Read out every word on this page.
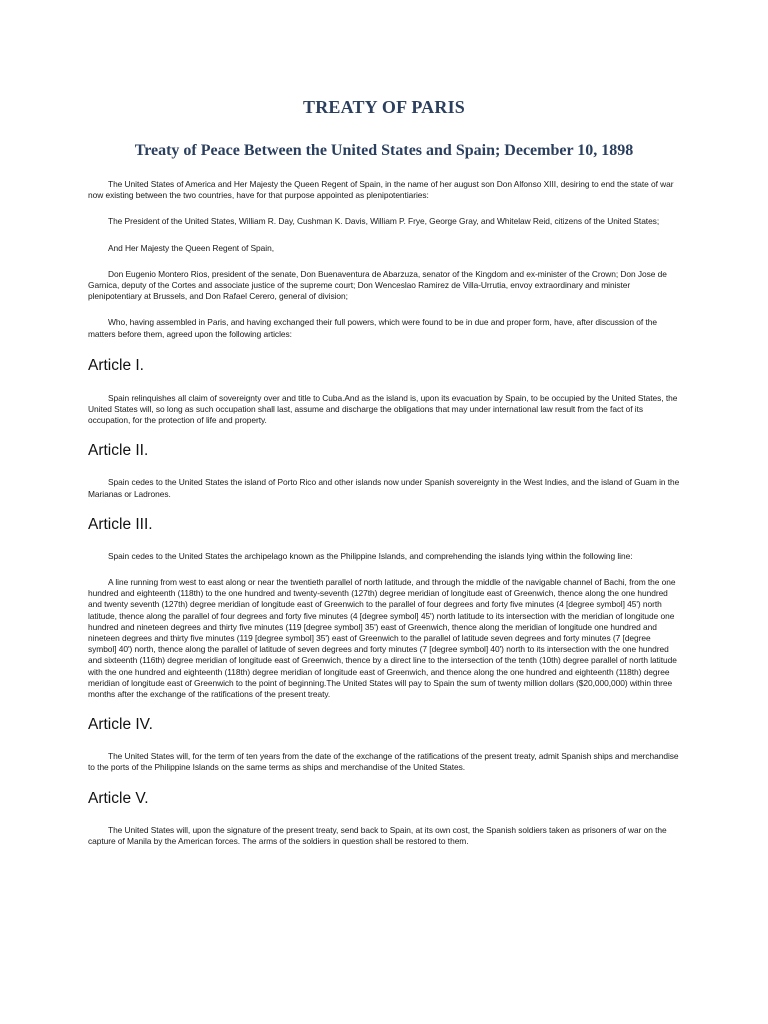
TREATY OF PARIS
Treaty of Peace Between the United States and Spain; December 10, 1898

The United States of America and Her Majesty the Queen Regent of Spain, in the name of her august son Don Alfonso XIII, desiring to end the state of war now existing between the two countries, have for that purpose appointed as plenipotentiaries:

The President of the United States, William R. Day, Cushman K. Davis, William P. Frye, George Gray, and Whitelaw Reid, citizens of the United States;

And Her Majesty the Queen Regent of Spain,

Don Eugenio Montero Rios, president of the senate, Don Buenaventura de Abarzuza, senator of the Kingdom and ex-minister of the Crown; Don Jose de Garnica, deputy of the Cortes and associate justice of the supreme court; Don Wenceslao Ramirez de Villa-Urrutia, envoy extraordinary and minister plenipotentiary at Brussels, and Don Rafael Cerero, general of division;

Who, having assembled in Paris, and having exchanged their full powers, which were found to be in due and proper form, have, after discussion of the matters before them, agreed upon the following articles:

Article I.

Spain relinquishes all claim of sovereignty over and title to Cuba.And as the island is, upon its evacuation by Spain, to be occupied by the United States, the United States will, so long as such occupation shall last, assume and discharge the obligations that may under international law result from the fact of its occupation, for the protection of life and property.

Article II.

Spain cedes to the United States the island of Porto Rico and other islands now under Spanish sovereignty in the West Indies, and the island of Guam in the Marianas or Ladrones.

Article III.

Spain cedes to the United States the archipelago known as the Philippine Islands, and comprehending the islands lying within the following line:

A line running from west to east along or near the twentieth parallel of north latitude, and through the middle of the navigable channel of Bachi, from the one hundred and eighteenth (118th) to the one hundred and twenty-seventh (127th) degree meridian of longitude east of Greenwich, thence along the one hundred and twenty seventh (127th) degree meridian of longitude east of Greenwich to the parallel of four degrees and forty five minutes (4 [degree symbol] 45') north latitude, thence along the parallel of four degrees and forty five minutes (4 [degree symbol] 45') north latitude to its intersection with the meridian of longitude one hundred and nineteen degrees and thirty five minutes (119 [degree symbol] 35') east of Greenwich, thence along the meridian of longitude one hundred and nineteen degrees and thirty five minutes (119 [degree symbol] 35') east of Greenwich to the parallel of latitude seven degrees and forty minutes (7 [degree symbol] 40') north, thence along the parallel of latitude of seven degrees and forty minutes (7 [degree symbol] 40') north to its intersection with the one hundred and sixteenth (116th) degree meridian of longitude east of Greenwich, thence by a direct line to the intersection of the tenth (10th) degree parallel of north latitude with the one hundred and eighteenth (118th) degree meridian of longitude east of Greenwich, and thence along the one hundred and eighteenth (118th) degree meridian of longitude east of Greenwich to the point of beginning.The United States will pay to Spain the sum of twenty million dollars ($20,000,000) within three months after the exchange of the ratifications of the present treaty.

Article IV.

The United States will, for the term of ten years from the date of the exchange of the ratifications of the present treaty, admit Spanish ships and merchandise to the ports of the Philippine Islands on the same terms as ships and merchandise of the United States.

Article V.

The United States will, upon the signature of the present treaty, send back to Spain, at its own cost, the Spanish soldiers taken as prisoners of war on the capture of Manila by the American forces. The arms of the soldiers in question shall be restored to them.
